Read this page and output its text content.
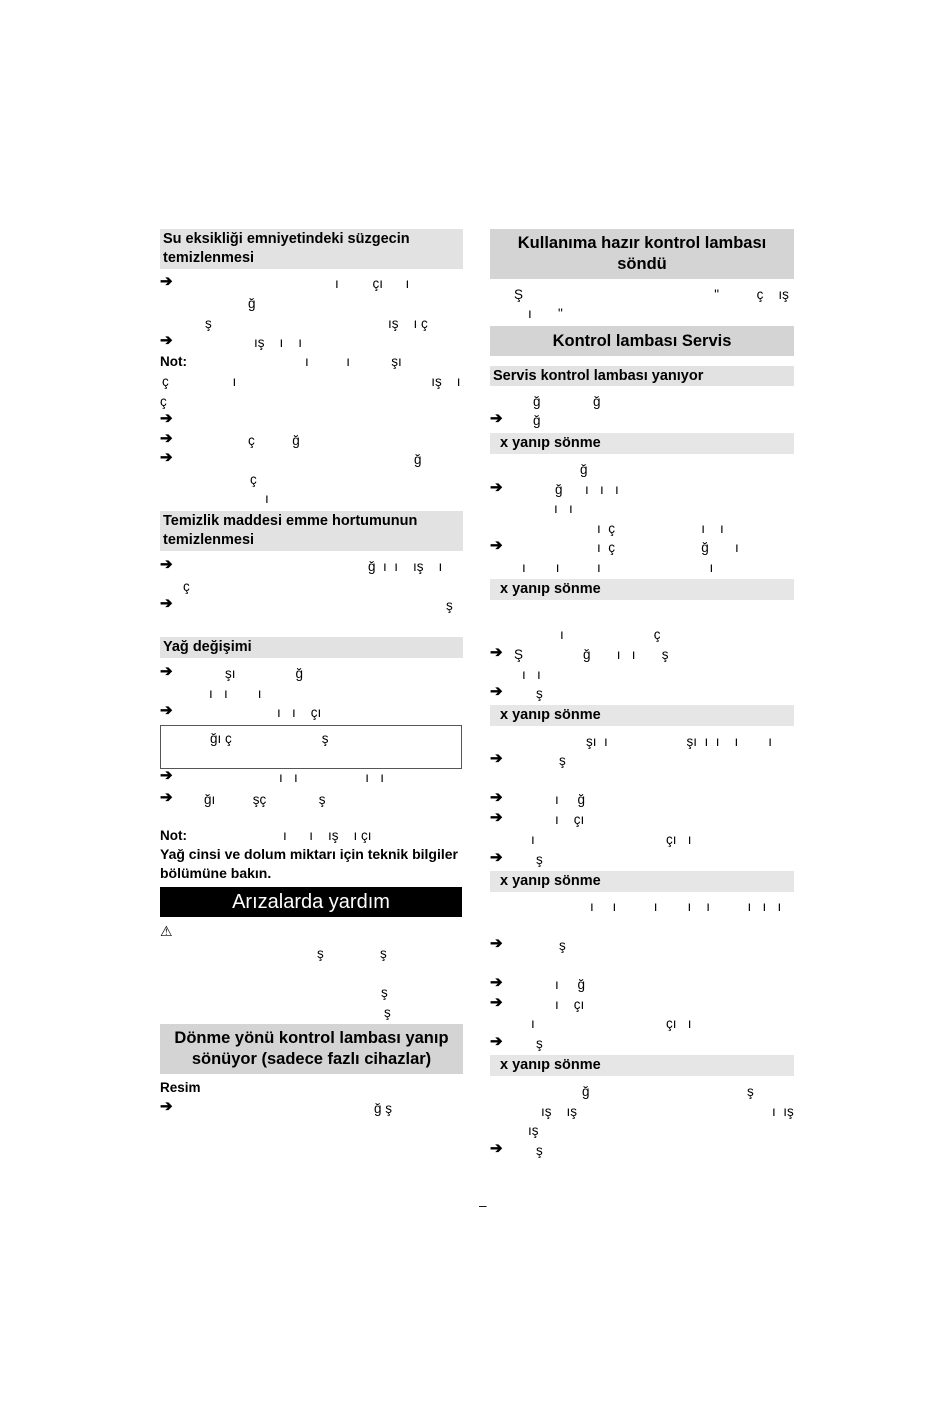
Su eksikliği emniyetindeki süzgecin temizlenmesi
➔	ı         çı      ı
ğ
ş                                               ış    ı ç
➔	ış    ı    ı
Not:	ı          ı           şı
ç                 ı                                                    ış    ı
ç
➔
➔	ç          ğ
➔	ğ
ç
ı
Temizlik maddesi emme hortumunun temizlenmesi
➔	ğ  ı  ı    ış    ı
ç
➔	ş
Yağ değişimi
➔	şı                ğ
ı   ı        ı
➔	ı   ı    çı
ğı ç                        ş
➔	ı   ı                  ı   ı
➔ ğı          şç              ş
Not:	ı      ı    ış    ı çı
Yağ cinsi ve dolum miktarı için teknik bilgiler bölümüne bakın.
Arızalarda yardım
⚠
ş               ş
ş
ş
Dönme yönü kontrol lambası yanıp sönüyor (sadece fazlı cihazlar)
Resim
➔	ğ ş
Kullanıma hazır kontrol lambası söndü
Ş                                                   "          ç    ış
ı       "
Kontrol lambası Servis
Servis kontrol lambası yanıyor
ğ              ğ
➔ ğ
x yanıp sönme
ğ
➔	ğ      ı   ı   ı
ı   ı
ı  ç                       ı    ı
➔	ı  ç                       ğ       ı
ı        ı          ı                             ı
x yanıp sönme
ı                        ç
➔ Ş                ğ       ı   ı       ş
ı   ı
➔ ş
x yanıp sönme
şı  ı                     şı  ı  ı    ı        ı
➔	ş
➔	ı     ğ
➔	ı    çı
ı                                   çı   ı
➔ ş
x yanıp sönme
ı     ı          ı        ı    ı          ı   ı   ı
➔	ş
➔	ı     ğ
➔	ı    çı
ı                                   çı   ı
➔ ş
x yanıp sönme
ğ                                          ş
ış    ış                                                    ı  ış
ış
➔ ş
–
